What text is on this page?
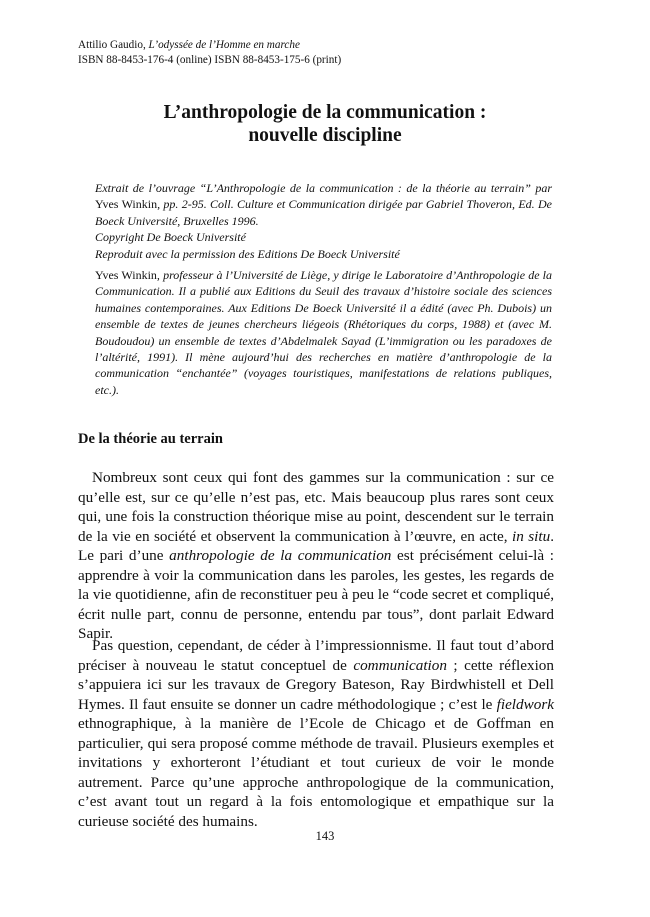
Attilio Gaudio, L’odyssée de l’Homme en marche
ISBN 88-8453-176-4 (online) ISBN 88-8453-175-6 (print)
L’anthropologie de la communication :
nouvelle discipline
Extrait de l’ouvrage “L’Anthropologie de la communication : de la théorie au terrain” par Yves Winkin, pp. 2-95. Coll. Culture et Communication dirigée par Gabriel Thoveron, Ed. De Boeck Université, Bruxelles 1996.
Copyright De Boeck Université
Reproduit avec la permission des Editions De Boeck Université
Yves Winkin, professeur à l’Université de Liège, y dirige le Laboratoire d’Anthropologie de la Communication. Il a publié aux Editions du Seuil des travaux d’histoire sociale des sciences humaines contemporaines. Aux Editions De Boeck Université il a édité (avec Ph. Dubois) un ensemble de textes de jeunes chercheurs liégeois (Rhétoriques du corps, 1988) et (avec M. Boudoudou) un ensemble de textes d’Abdelmalek Sayad (L’immigration ou les paradoxes de l’altérité, 1991). Il mène aujourd’hui des recherches en matière d’anthropologie de la communication “enchantée” (voyages touristiques, manifestations de relations publiques, etc.).
De la théorie au terrain

Nombreux sont ceux qui font des gammes sur la communication : sur ce qu’elle est, sur ce qu’elle n’est pas, etc. Mais beaucoup plus rares sont ceux qui, une fois la construction théorique mise au point, descendent sur le terrain de la vie en société et observent la communication à l’œuvre, en acte, in situ. Le pari d’une anthropologie de la communication est précisément celui-là : apprendre à voir la communication dans les paroles, les gestes, les regards de la vie quotidienne, afin de reconstituer peu à peu le “code secret et compliqué, écrit nulle part, connu de personne, entendu par tous”, dont parlait Edward Sapir.

Pas question, cependant, de céder à l’impressionnisme. Il faut tout d’abord préciser à nouveau le statut conceptuel de communication ; cette réflexion s’appuiera ici sur les travaux de Gregory Bateson, Ray Birdwhistell et Dell Hymes. Il faut ensuite se donner un cadre méthodologique ; c’est le fieldwork ethnographique, à la manière de l’Ecole de Chicago et de Goffman en particulier, qui sera proposé comme méthode de travail. Plusieurs exemples et invitations y exhorteront l’étudiant et tout curieux de voir le monde autrement. Parce qu’une approche anthropologique de la communication, c’est avant tout un regard à la fois entomologique et empathique sur la curieuse société des humains.

143
